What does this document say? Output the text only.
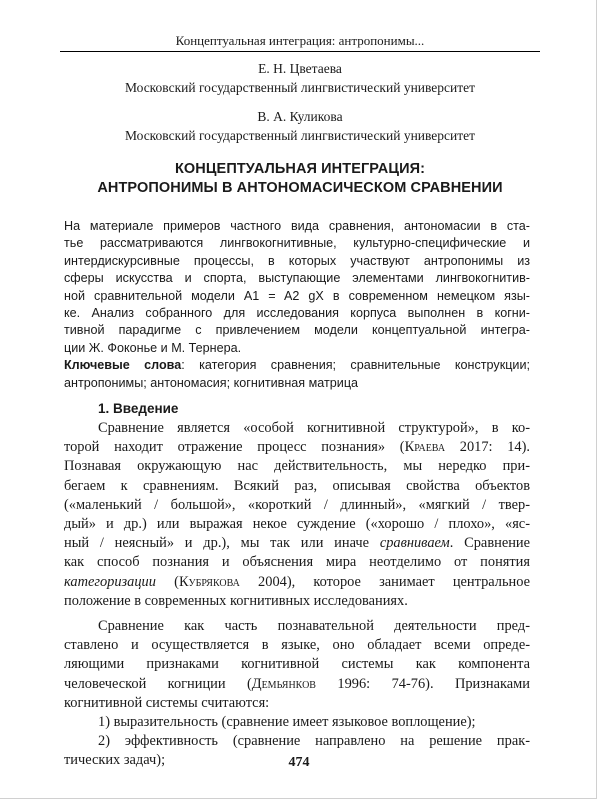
Концептуальная интеграция: антропонимы...
Е. Н. Цветаева
Московский государственный лингвистический университет
В. А. Куликова
Московский государственный лингвистический университет
КОНЦЕПТУАЛЬНАЯ ИНТЕГРАЦИЯ:
АНТРОПОНИМЫ В АНТОНОМАСИЧЕСКОМ СРАВНЕНИИ
На материале примеров частного вида сравнения, антономасии в ста-
тье рассматриваются лингвокогнитивные, культурно-специфические и
интердискурсивные процессы, в которых участвуют антропонимы из
сферы искусства и спорта, выступающие элементами лингвокогнитив-
ной сравнительной модели A1 = A2 gX в современном немецком язы-
ке. Анализ собранного для исследования корпуса выполнен в когни-
тивной парадигме с привлечением модели концептуальной интегра-
ции Ж. Фоконье и М. Тернера.
Ключевые слова: категория сравнения; сравнительные конструкции;
антропонимы; антономасия; когнитивная матрица
1. Введение
Сравнение является «особой когнитивной структурой», в ко-
торой находит отражение процесс познания» (Краева 2017: 14).
Познавая окружающую нас действительность, мы нередко при-
бегаем к сравнениям. Всякий раз, описывая свойства объектов
(«маленький / большой», «короткий / длинный», «мягкий / твер-
дый» и др.) или выражая некое суждение («хорошо / плохо», «яс-
ный / неясный» и др.), мы так или иначе сравниваем. Сравнение
как способ познания и объяснения мира неотделимо от понятия
категоризации (Кубрякова 2004), которое занимает центральное
положение в современных когнитивных исследованиях.
Сравнение как часть познавательной деятельности пред-
ставлено и осуществляется в языке, оно обладает всеми опреде-
ляющими признаками когнитивной системы как компонента
человеческой когниции (Демьянков 1996: 74-76). Признаками
когнитивной системы считаются:
1) выразительность (сравнение имеет языковое воплощение);
2) эффективность (сравнение направлено на решение прак-
тических задач);	474
